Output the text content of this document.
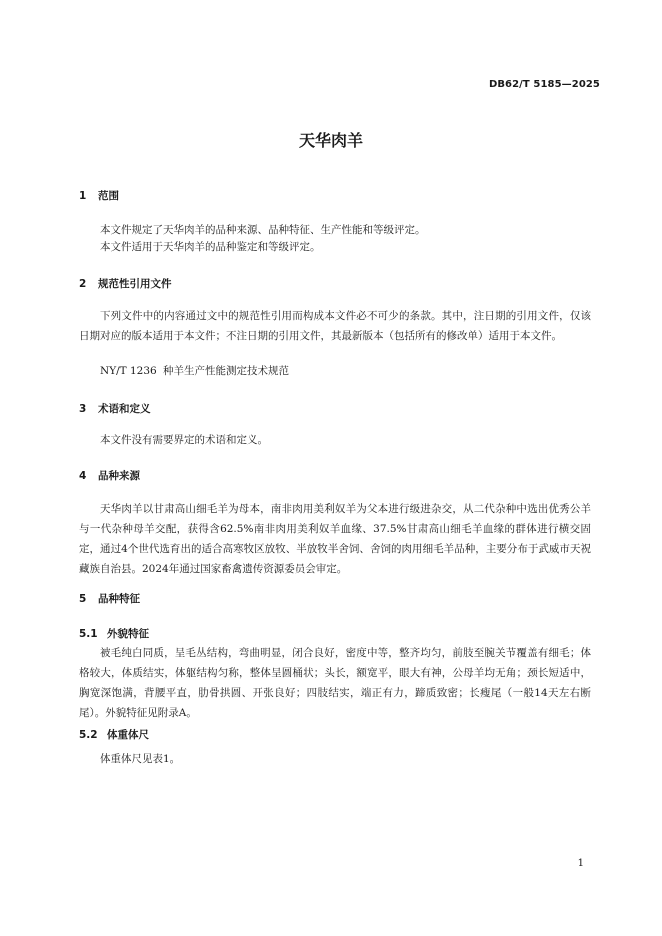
DB62/T 5185—2025
天华肉羊
1 范围
本文件规定了天华肉羊的品种来源、品种特征、生产性能和等级评定。
本文件适用于天华肉羊的品种鉴定和等级评定。
2 规范性引用文件

下列文件中的内容通过文中的规范性引用而构成本文件必不可少的条款。其中，注日期的引用文件，仅该日期对应的版本适用于本文件；不注日期的引用文件，其最新版本（包括所有的修改单）适用于本文件。

NY/T 1236 种羊生产性能测定技术规范
3 术语和定义
本文件没有需要界定的术语和定义。
4 品种来源

天华肉羊以甘肃高山细毛羊为母本，南非肉用美利奴羊为父本进行级进杂交，从二代杂种中选出优秀公羊与一代杂种母羊交配，获得含62.5%南非肉用美利奴羊血缘、37.5%甘肃高山细毛羊血缘的群体进行横交固定，通过4个世代选育出的适合高寒牧区放牧、半放牧半舍饲、舍饲的肉用细毛羊品种，主要分布于武威市天祝藏族自治县。2024年通过国家畜禽遗传资源委员会审定。

5 品种特征
5.1 外貌特征

被毛纯白同质，呈毛丛结构，弯曲明显，闭合良好，密度中等，整齐均匀，前肢至腕关节覆盖有细毛；体格较大，体质结实，体躯结构匀称，整体呈圆桶状；头长，额宽平，眼大有神，公母羊均无角；颈长短适中，胸宽深饱满，背腰平直，肋骨拱圆、开张良好；四肢结实，端正有力，蹄质致密；长瘦尾（一般14天左右断尾）。外貌特征见附录A。

5.2 体重体尺
体重体尺见表1。
1
